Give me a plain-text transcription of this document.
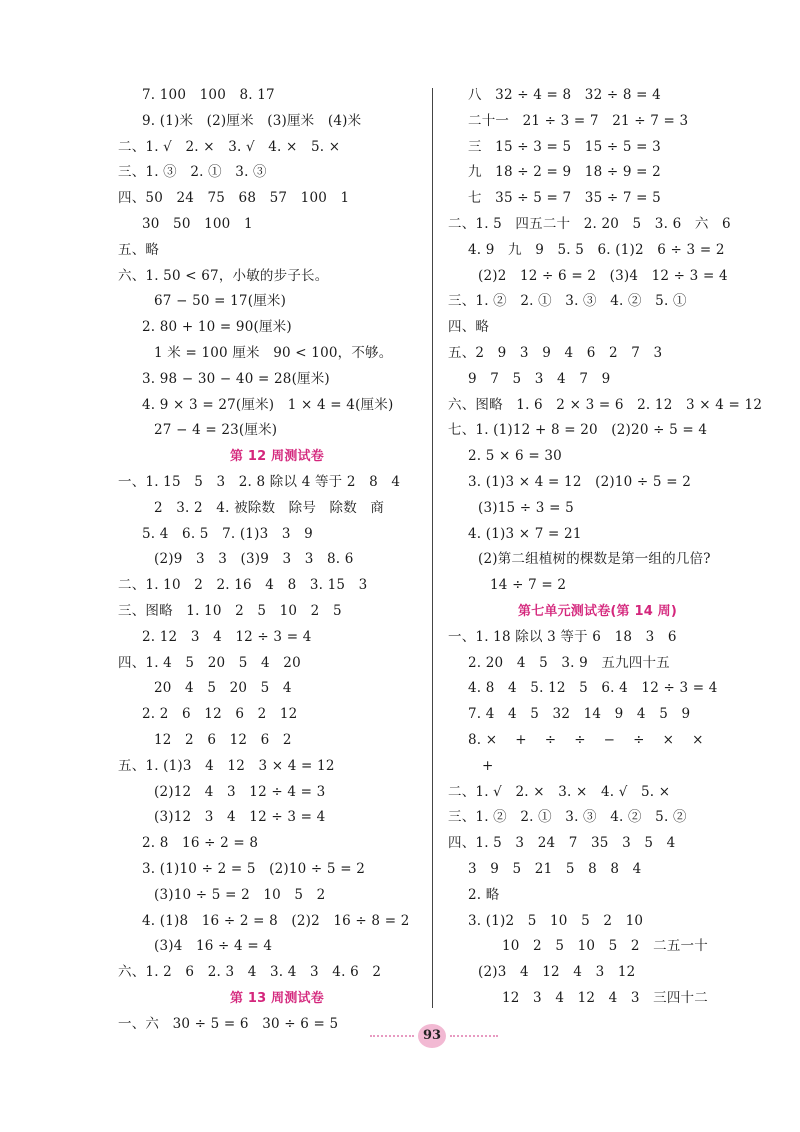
7. 100   100   8. 17
9. (1)米   (2)厘米   (3)厘米   (4)米
二、1. √   2. ×   3. √   4. ×   5. ×
三、1. ③   2. ①   3. ③
四、50   24   75   68   57   100   1
30   50   100   1
五、略
六、1. 50 < 67，小敏的步子长。
67 − 50 = 17(厘米)
2. 80 + 10 = 90(厘米)
1 米 = 100 厘米   90 < 100，不够。
3. 98 − 30 − 40 = 28(厘米)
4. 9 × 3 = 27(厘米)   1 × 4 = 4(厘米)
27 − 4 = 23(厘米)
第 12 周测试卷
一、1. 15   5   3   2. 8 除以 4 等于 2   8   4
2   3. 2   4. 被除数   除号   除数   商
5. 4   6. 5   7. (1)3   3   9
(2)9   3   3   (3)9   3   3   8. 6
二、1. 10   2   2. 16   4   8   3. 15   3
三、图略   1. 10   2   5   10   2   5
2. 12   3   4   12 ÷ 3 = 4
四、1. 4   5   20   5   4   20
20   4   5   20   5   4
2. 2   6   12   6   2   12
12   2   6   12   6   2
五、1. (1)3   4   12   3 × 4 = 12
(2)12   4   3   12 ÷ 4 = 3
(3)12   3   4   12 ÷ 3 = 4
2. 8   16 ÷ 2 = 8
3. (1)10 ÷ 2 = 5   (2)10 ÷ 5 = 2
(3)10 ÷ 5 = 2   10   5   2
4. (1)8   16 ÷ 2 = 8   (2)2   16 ÷ 8 = 2
(3)4   16 ÷ 4 = 4
六、1. 2   6   2. 3   4   3. 4   3   4. 6   2
第 13 周测试卷
一、六   30 ÷ 5 = 6   30 ÷ 6 = 5
八   32 ÷ 4 = 8   32 ÷ 8 = 4
二十一   21 ÷ 3 = 7   21 ÷ 7 = 3
三   15 ÷ 3 = 5   15 ÷ 5 = 3
九   18 ÷ 2 = 9   18 ÷ 9 = 2
七   35 ÷ 5 = 7   35 ÷ 7 = 5
二、1. 5   四五二十   2. 20   5   3. 6   六   6
4. 9   九   9   5. 5   6. (1)2   6 ÷ 3 = 2
(2)2   12 ÷ 6 = 2   (3)4   12 ÷ 3 = 4
三、1. ②   2. ①   3. ③   4. ②   5. ①
四、略
五、2   9   3   9   4   6   2   7   3
9   7   5   3   4   7   9
六、图略   1. 6   2 × 3 = 6   2. 12   3 × 4 = 12
七、1. (1)12 + 8 = 20   (2)20 ÷ 5 = 4
2. 5 × 6 = 30
3. (1)3 × 4 = 12   (2)10 ÷ 5 = 2
(3)15 ÷ 3 = 5
4. (1)3 × 7 = 21
(2)第二组植树的棵数是第一组的几倍?
14 ÷ 7 = 2
第七单元测试卷(第 14 周)
一、1. 18 除以 3 等于 6   18   3   6
2. 20   4   5   3. 9   五九四十五
4. 8   4   5. 12   5   6. 4   12 ÷ 3 = 4
7. 4   4   5   32   14   9   4   5   9
8. ×    +    ÷    ÷    −    ÷    ×    ×
+
二、1. √   2. ×   3. ×   4. √   5. ×
三、1. ②   2. ①   3. ③   4. ②   5. ②
四、1. 5   3   24   7   35   3   5   4
3   9   5   21   5   8   8   4
2. 略
3. (1)2   5   10   5   2   10
10   2   5   10   5   2   二五一十
(2)3   4   12   4   3   12
12   3   4   12   4   3   三四十二
93
